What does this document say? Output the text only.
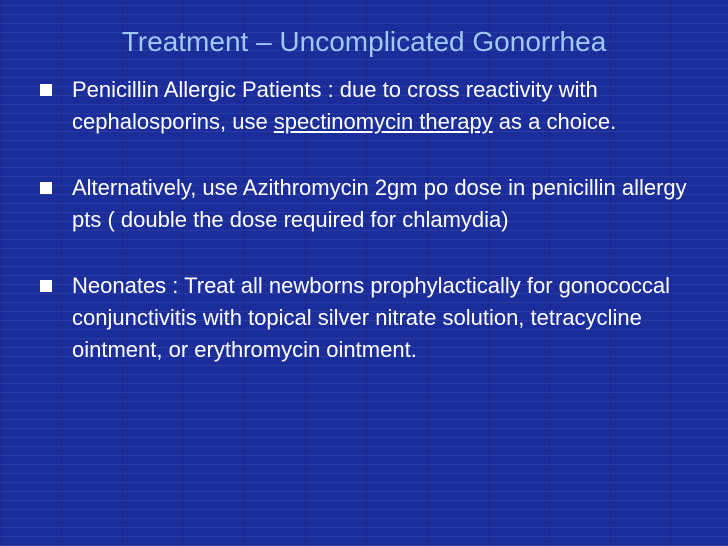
Treatment – Uncomplicated Gonorrhea
Penicillin Allergic Patients : due to cross reactivity with cephalosporins, use spectinomycin therapy as a choice.
Alternatively, use Azithromycin 2gm po dose in penicillin allergy pts ( double the dose required for chlamydia)
Neonates : Treat all newborns prophylactically for gonococcal conjunctivitis with topical silver nitrate solution, tetracycline ointment, or erythromycin ointment.
